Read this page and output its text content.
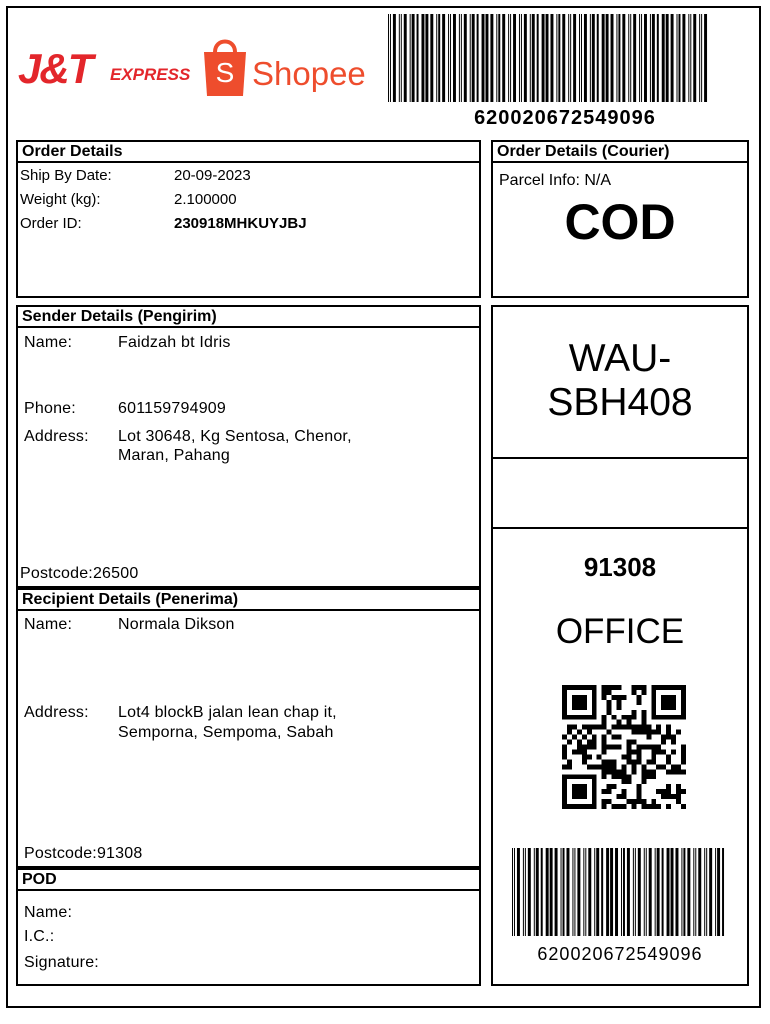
J&T EXPRESS S Shopee
620020672549096
Order Details
Ship By Date:	20-09-2023
Weight (kg):	2.100000
Order ID:	230918MHKUYJBJ
Order Details (Courier)
Parcel Info: N/A
COD
Sender Details (Pengirim)
Name:	Faidzah bt Idris
Phone:	601159794909
Address: Lot 30648, Kg Sentosa, Chenor,
Maran, Pahang
Postcode:26500
Recipient Details (Penerima)
Name:	Normala Dikson
Address: Lot4 blockB jalan lean chap it,
Semporna, Sempoma, Sabah
Postcode:91308
POD
Name:
I.C.:
Signature:
WAU-
SBH408
91308
OFFICE
620020672549096
